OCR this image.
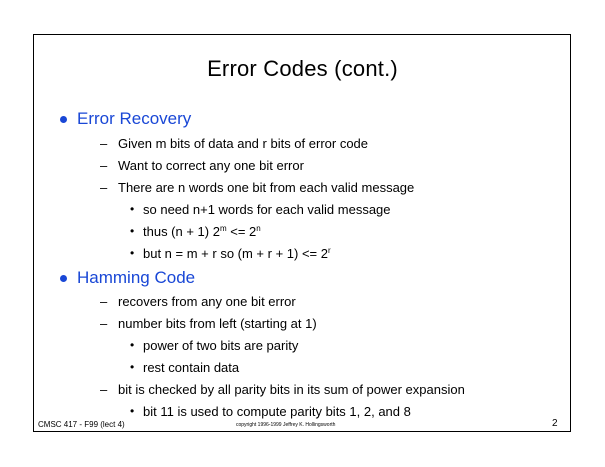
Error Codes (cont.)
Error Recovery
– Given m bits of data and r bits of error code
– Want to correct any one bit error
– There are n words one bit from each valid message
• so need n+1 words for each valid message
• thus (n + 1) $2^m <= 2^n$
• but n = m + r so $(m + r + 1) <= 2^r$
Hamming Code
– recovers from any one bit error
– number bits from left (starting at 1)
• power of two bits are parity
• rest contain data
– bit is checked by all parity bits in its sum of power expansion
• bit 11 is used to compute parity bits 1, 2, and 8
CMSC 417 - F99 (lect 4)	copyright 1996-1999 Jeffrey K. Hollingsworth	2
